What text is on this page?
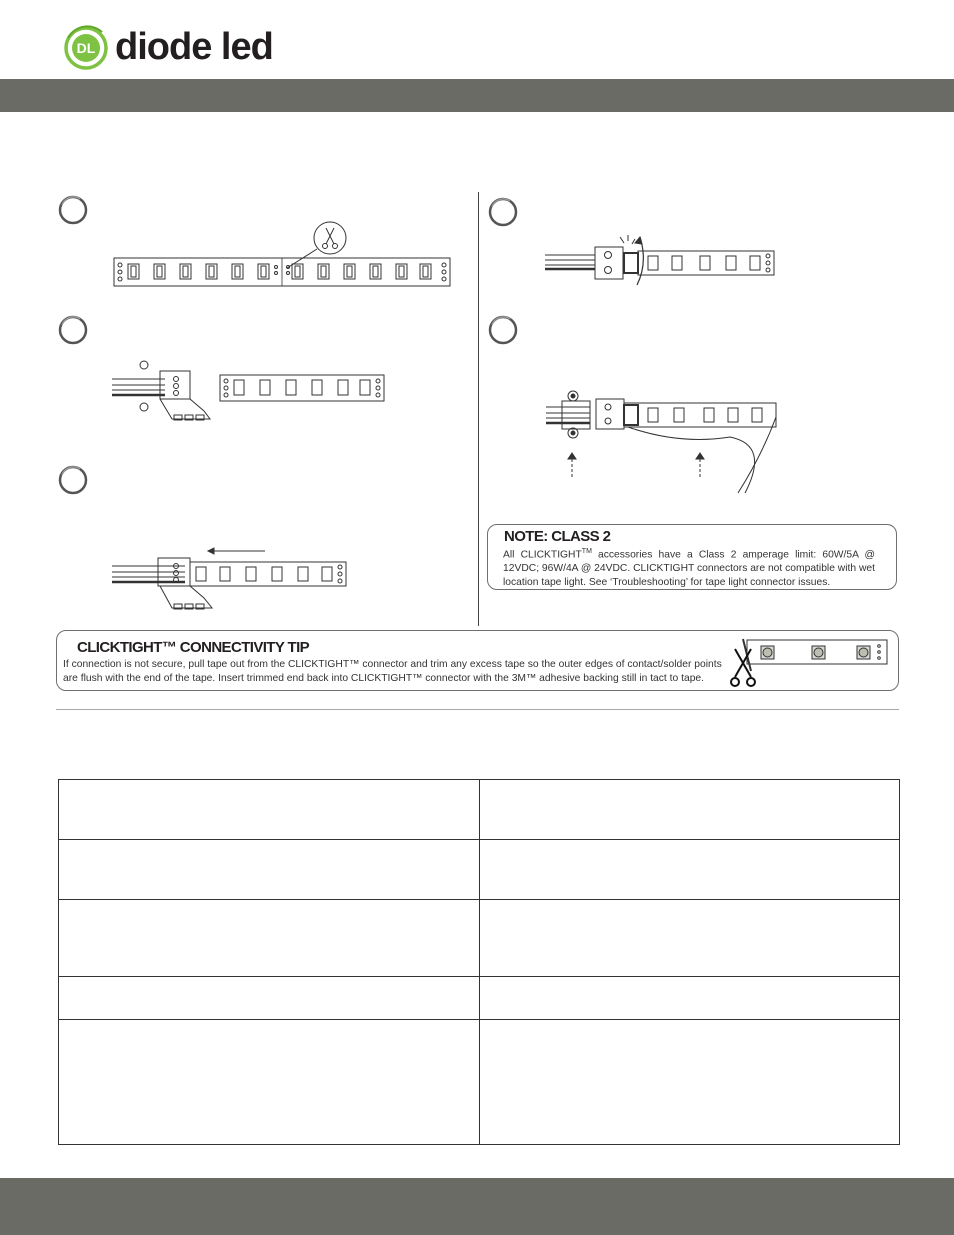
DL diode led
NOTE: CLASS 2
All CLICKTIGHT™ accessories have a Class 2 amperage limit: 60W/5A @ 12VDC; 96W/4A @ 24VDC. CLICKTIGHT connectors are not compatible with wet location tape light. See ‘Troubleshooting’ for tape light connector issues.
CLICKTIGHT™ CONNECTIVITY TIP
If connection is not secure, pull tape out from the CLICKTIGHT™ connector and trim any excess tape so the outer edges of contact/solder points are flush with the end of the tape. Insert trimmed end back into CLICKTIGHT™ connector with the 3M™ adhesive backing still in tact to tape.
